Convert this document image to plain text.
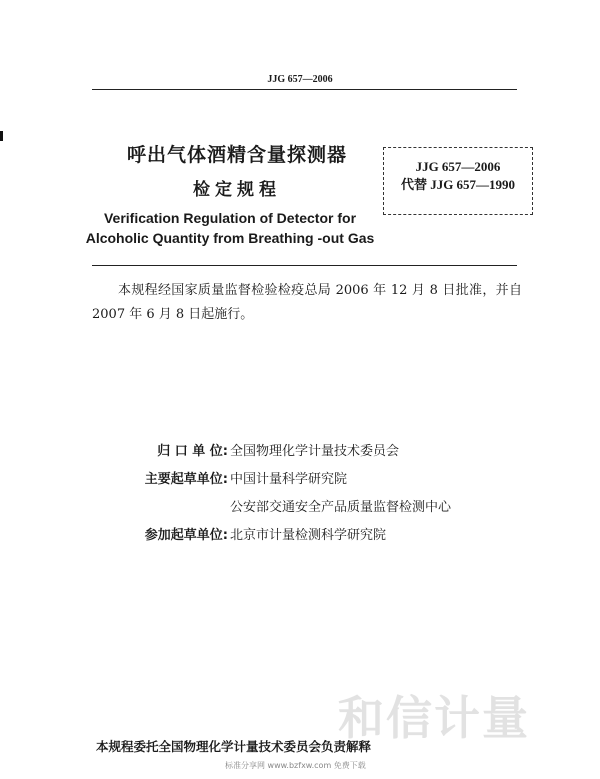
JJG 657—2006
呼出气体酒精含量探测器
检定规程
Verification Regulation of Detector for
Alcoholic Quantity from Breathing -out Gas
JJG 657—2006
代替 JJG 657—1990
本规程经国家质量监督检验检疫总局 2006 年 12 月 8 日批准，并自 2007 年 6 月 8 日起施行。
归 口 单 位: 全国物理化学计量技术委员会
主要起草单位: 中国计量科学研究院
公安部交通安全产品质量监督检测中心
参加起草单位: 北京市计量检测科学研究院
和信计量
本规程委托全国物理化学计量技术委员会负责解释
标准分享网 www.bzfxw.com 免费下载
